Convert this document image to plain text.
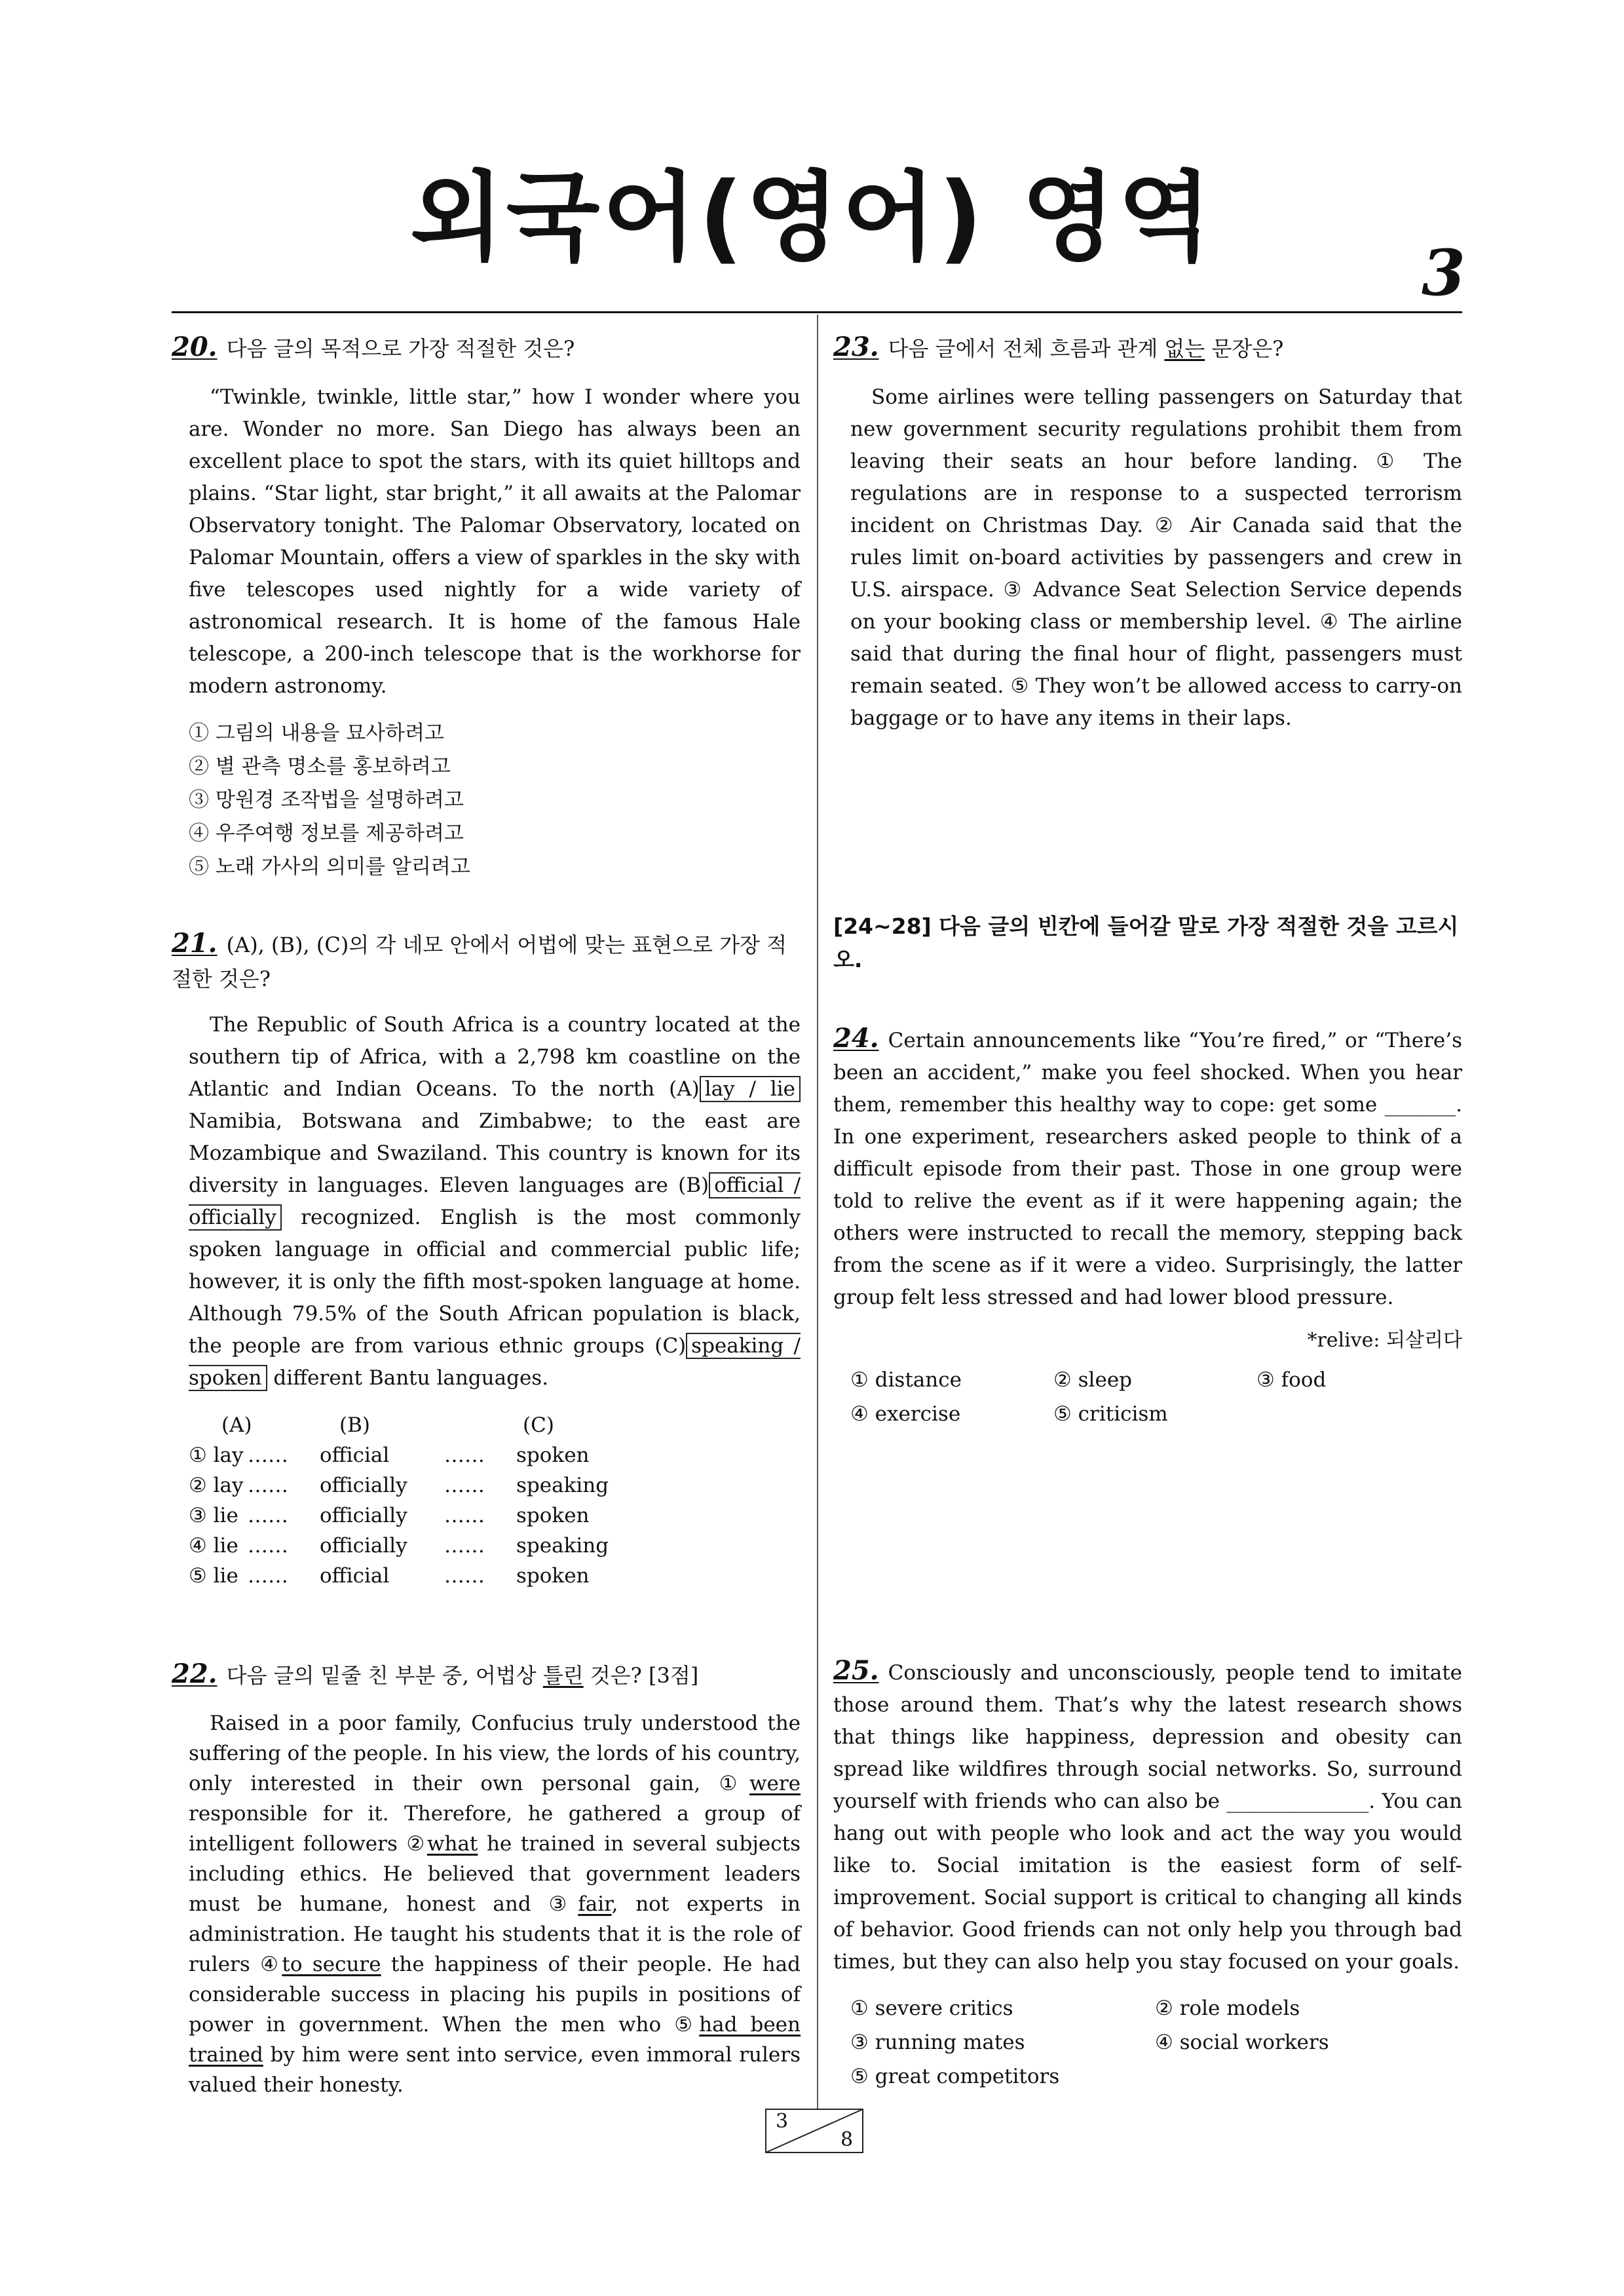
외국어(영어) 영역	3
20. 다음 글의 목적으로 가장 적절한 것은?

“Twinkle, twinkle, little star,” how I wonder where you are. Wonder no more. San Diego has always been an excellent place to spot the stars, with its quiet hilltops and plains. “Star light, star bright,” it all awaits at the Palomar Observatory tonight. The Palomar Observatory, located on Palomar Mountain, offers a view of sparkles in the sky with five telescopes used nightly for a wide variety of astronomical research. It is home of the famous Hale telescope, a 200-inch telescope that is the workhorse for modern astronomy.

① 그림의 내용을 묘사하려고
② 별 관측 명소를 홍보하려고
③ 망원경 조작법을 설명하려고
④ 우주여행 정보를 제공하려고
⑤ 노래 가사의 의미를 알리려고
21. (A), (B), (C)의 각 네모 안에서 어법에 맞는 표현으로 가장 적절한 것은?

The Republic of South Africa is a country located at the southern tip of Africa, with a 2,798 km coastline on the Atlantic and Indian Oceans. To the north (A) lay / lie Namibia, Botswana and Zimbabwe; to the east are Mozambique and Swaziland. This country is known for its diversity in languages. Eleven languages are (B) official / officially recognized. English is the most commonly spoken language in official and commercial public life; however, it is only the fifth most-spoken language at home. Although 79.5% of the South African population is black, the people are from various ethnic groups (C) speaking / spoken different Bantu languages.

(A)	(B)	(C)
① lay ……	official	……	spoken
② lay ……	officially	……	speaking
③ lie ……	officially	……	spoken
④ lie ……	officially	……	speaking
⑤ lie ……	official	……	spoken
22. 다음 글의 밑줄 친 부분 중, 어법상 틀린 것은? [3점]

Raised in a poor family, Confucius truly understood the suffering of the people. In his view, the lords of his country, only interested in their own personal gain, ①were responsible for it. Therefore, he gathered a group of intelligent followers ②what he trained in several subjects including ethics. He believed that government leaders must be humane, honest and ③fair, not experts in administration. He taught his students that it is the role of rulers ④to secure the happiness of their people. He had considerable success in placing his pupils in positions of power in government. When the men who ⑤had been trained by him were sent into service, even immoral rulers valued their honesty.

23. 다음 글에서 전체 흐름과 관계 없는 문장은?

Some airlines were telling passengers on Saturday that new government security regulations prohibit them from leaving their seats an hour before landing. ① The regulations are in response to a suspected terrorism incident on Christmas Day. ② Air Canada said that the rules limit on-board activities by passengers and crew in U.S. airspace. ③ Advance Seat Selection Service depends on your booking class or membership level. ④ The airline said that during the final hour of flight, passengers must remain seated. ⑤ They won’t be allowed access to carry-on baggage or to have any items in their laps.

[24~28] 다음 글의 빈칸에 들어갈 말로 가장 적절한 것을 고르시오.

24. Certain announcements like “You’re fired,” or “There’s been an accident,” make you feel shocked. When you hear them, remember this healthy way to cope: get some _______. In one experiment, researchers asked people to think of a difficult episode from their past. Those in one group were told to relive the event as if it were happening again; the others were instructed to recall the memory, stepping back from the scene as if it were a video. Surprisingly, the latter group felt less stressed and had lower blood pressure.

*relive: 되살리다
① distance	② sleep	③ food
④ exercise	⑤ criticism

25. Consciously and unconsciously, people tend to imitate those around them. That’s why the latest research shows that things like happiness, depression and obesity can spread like wildfires through social networks. So, surround yourself with friends who can also be ______________. You can hang out with people who look and act the way you would like to. Social imitation is the easiest form of self-improvement. Social support is critical to changing all kinds of behavior. Good friends can not only help you through bad times, but they can also help you stay focused on your goals.

① severe critics	② role models
③ running mates	④ social workers
⑤ great competitors
3
8
